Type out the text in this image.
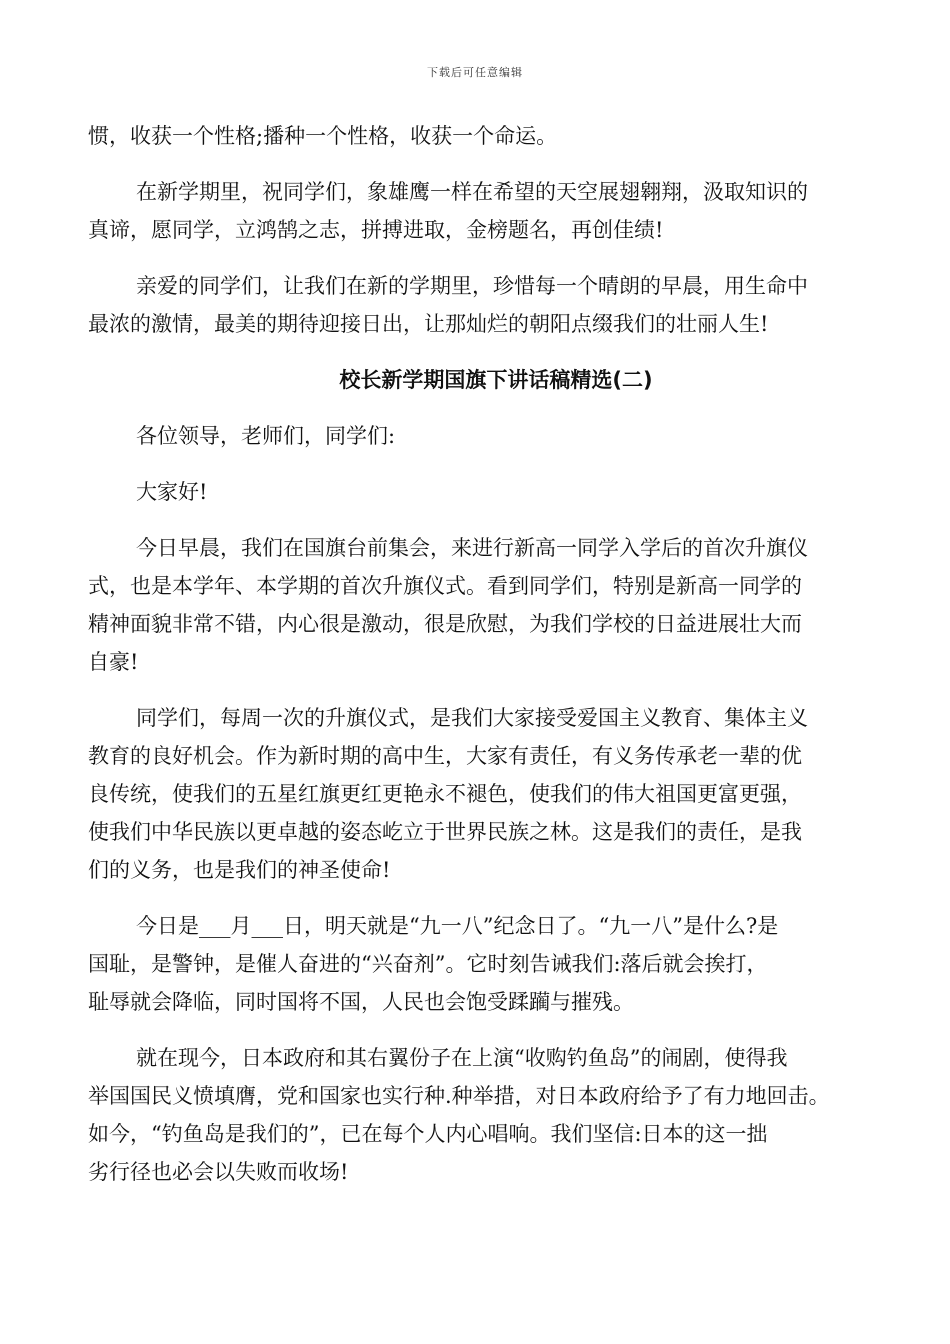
下载后可任意编辑
惯，收获一个性格;播种一个性格，收获一个命运。
在新学期里，祝同学们，象雄鹰一样在希望的天空展翅翱翔，汲取知识的
真谛，愿同学，立鸿鹄之志，拼搏进取，金榜题名，再创佳绩!
亲爱的同学们，让我们在新的学期里，珍惜每一个晴朗的早晨，用生命中
最浓的激情，最美的期待迎接日出，让那灿烂的朝阳点缀我们的壮丽人生!
校长新学期国旗下讲话稿精选(二)
各位领导，老师们，同学们:
大家好!
今日早晨，我们在国旗台前集会，来进行新高一同学入学后的首次升旗仪
式，也是本学年、本学期的首次升旗仪式。看到同学们，特别是新高一同学的
精神面貌非常不错，内心很是激动，很是欣慰，为我们学校的日益进展壮大而
自豪!
同学们，每周一次的升旗仪式，是我们大家接受爱国主义教育、集体主义
教育的良好机会。作为新时期的高中生，大家有责任，有义务传承老一辈的优
良传统，使我们的五星红旗更红更艳永不褪色，使我们的伟大祖国更富更强，
使我们中华民族以更卓越的姿态屹立于世界民族之林。这是我们的责任，是我
们的义务，也是我们的神圣使命!
今日是___月___日，明天就是“九一八”纪念日了。“九一八”是什么?是
国耻，是警钟，是催人奋进的“兴奋剂”。它时刻告诫我们:落后就会挨打，
耻辱就会降临，同时国将不国，人民也会饱受蹂躏与摧残。
就在现今，日本政府和其右翼份子在上演“收购钓鱼岛”的闹剧，使得我
举国国民义愤填膺，党和国家也实行种.种举措，对日本政府给予了有力地回击。
如今，“钓鱼岛是我们的”，已在每个人内心唱响。我们坚信:日本的这一拙
劣行径也必会以失败而收场!
